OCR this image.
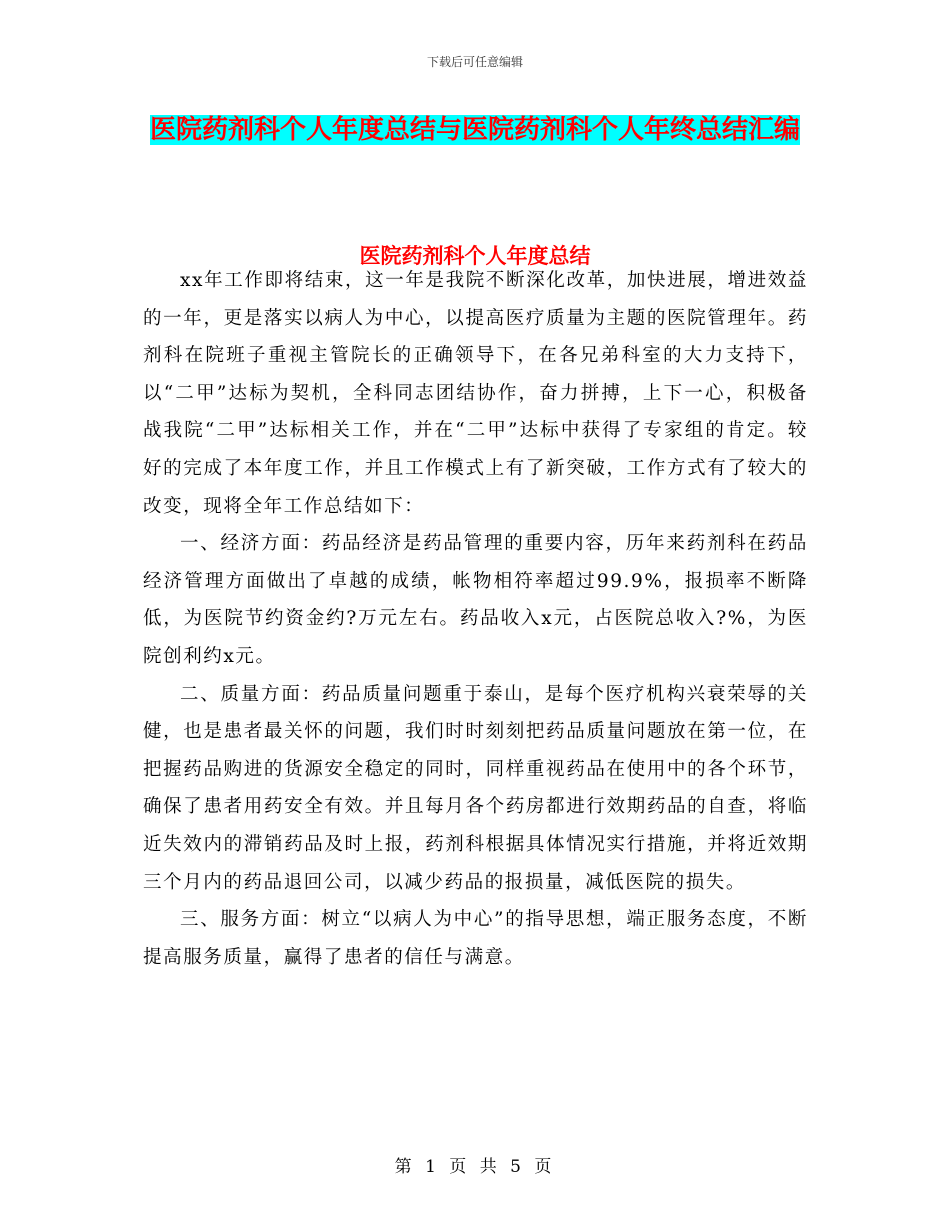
下载后可任意编辑
医院药剂科个人年度总结与医院药剂科个人年终总结汇编
医院药剂科个人年度总结

xx年工作即将结束，这一年是我院不断深化改革，加快进展，增进效益的一年，更是落实以病人为中心，以提高医疗质量为主题的医院管理年。药剂科在院班子重视主管院长的正确领导下，在各兄弟科室的大力支持下，以“二甲”达标为契机，全科同志团结协作，奋力拼搏，上下一心，积极备战我院“二甲”达标相关工作，并在“二甲”达标中获得了专家组的肯定。较好的完成了本年度工作，并且工作模式上有了新突破，工作方式有了较大的改变，现将全年工作总结如下：

一、经济方面：药品经济是药品管理的重要内容，历年来药剂科在药品经济管理方面做出了卓越的成绩，帐物相符率超过99.9%，报损率不断降低，为医院节约资金约?万元左右。药品收入x元，占医院总收入?%，为医院创利约x元。

二、质量方面：药品质量问题重于泰山，是每个医疗机构兴衰荣辱的关健，也是患者最关怀的问题，我们时时刻刻把药品质量问题放在第一位，在把握药品购进的货源安全稳定的同时，同样重视药品在使用中的各个环节，确保了患者用药安全有效。并且每月各个药房都进行效期药品的自查，将临近失效内的滞销药品及时上报，药剂科根据具体情况实行措施，并将近效期三个月内的药品退回公司，以减少药品的报损量，减低医院的损失。

三、服务方面：树立“以病人为中心”的指导思想，端正服务态度，不断提高服务质量，赢得了患者的信任与满意。

第 1 页 共 5 页
